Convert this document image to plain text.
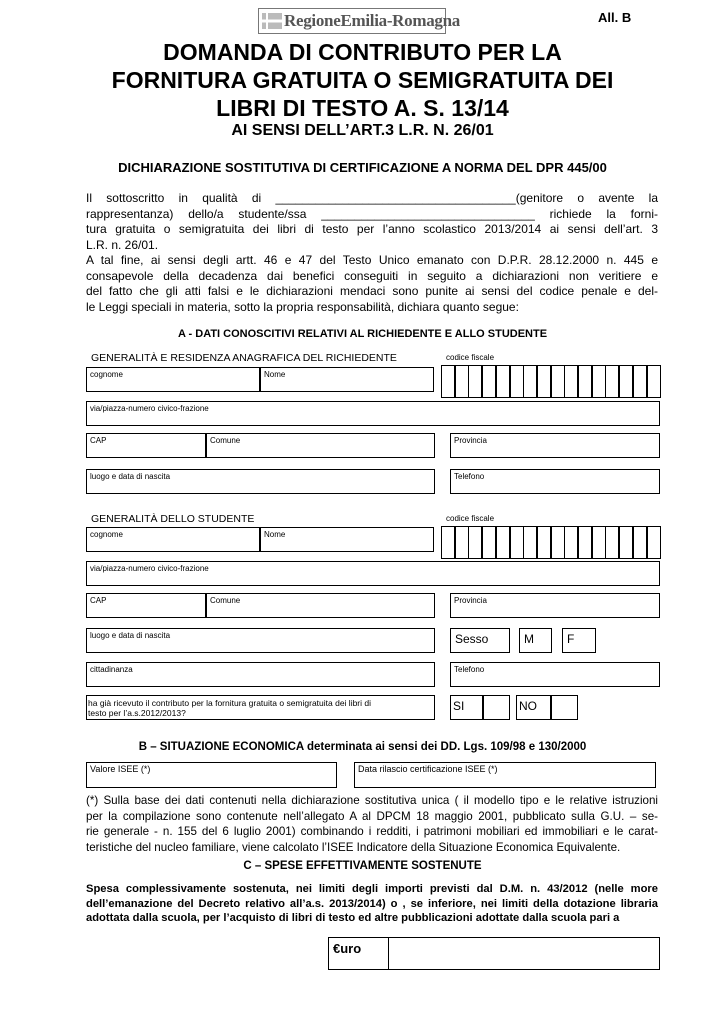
RegioneEmilia-Romagna	All. B
DOMANDA DI CONTRIBUTO PER LA
FORNITURA GRATUITA O SEMIGRATUITA DEI
LIBRI DI TESTO A. S. 13/14
AI SENSI DELL’ART.3 L.R. N. 26/01
DICHIARAZIONE SOSTITUTIVA DI CERTIFICAZIONE A NORMA DEL DPR 445/00
Il sottoscritto in qualità di ____________________________________(genitore o avente la
rappresentanza) dello/a studente/ssa ________________________________ richiede la forni-
tura gratuita o semigratuita dei libri di testo per l’anno scolastico 2013/2014 ai sensi dell’art. 3
L.R. n. 26/01.
A tal fine, ai sensi degli artt. 46 e 47 del Testo Unico emanato con D.P.R. 28.12.2000 n. 445 e
consapevole della decadenza dai benefici conseguiti in seguito a dichiarazioni non veritiere e
del fatto che gli atti falsi e le dichiarazioni mendaci sono punite ai sensi del codice penale e del-
le Leggi speciali in materia, sotto la propria responsabilità, dichiara quanto segue:
A - DATI CONOSCITIVI RELATIVI AL RICHIEDENTE E ALLO STUDENTE
GENERALITÀ E RESIDENZA ANAGRAFICA DEL RICHIEDENTE	codice fiscale
cognome	Nome
via/piazza-numero civico-frazione
CAP	Comune	Provincia
luogo e data di nascita	Telefono
GENERALITÀ DELLO STUDENTE	codice fiscale
cognome	Nome
via/piazza-numero civico-frazione
CAP	Comune	Provincia
luogo e data di nascita	Sesso	M	F
cittadinanza	Telefono
ha già ricevuto il contributo per la fornitura gratuita o semigratuita dei libri di
testo per l’a.s.2012/2013?	SI	NO
B – SITUAZIONE ECONOMICA determinata ai sensi dei DD. Lgs. 109/98 e 130/2000
Valore ISEE (*)	Data rilascio certificazione ISEE (*)
(*) Sulla base dei dati contenuti nella dichiarazione sostitutiva unica ( il modello tipo e le relative istruzioni
per la compilazione sono contenute nell’allegato A al DPCM 18 maggio 2001, pubblicato sulla G.U. – se-
rie generale - n. 155 del 6 luglio 2001) combinando i redditi, i patrimoni mobiliari ed immobiliari e le carat-
teristiche del nucleo familiare, viene calcolato l’ISEE Indicatore della Situazione Economica Equivalente.
C – SPESE EFFETTIVAMENTE SOSTENUTE
Spesa complessivamente sostenuta, nei limiti degli importi previsti dal D.M. n. 43/2012 (nelle more
dell’emanazione del Decreto relativo all’a.s. 2013/2014) o , se inferiore, nei limiti della dotazione libraria
adottata dalla scuola, per l’acquisto di libri di testo ed altre pubblicazioni adottate dalla scuola pari a
€uro
